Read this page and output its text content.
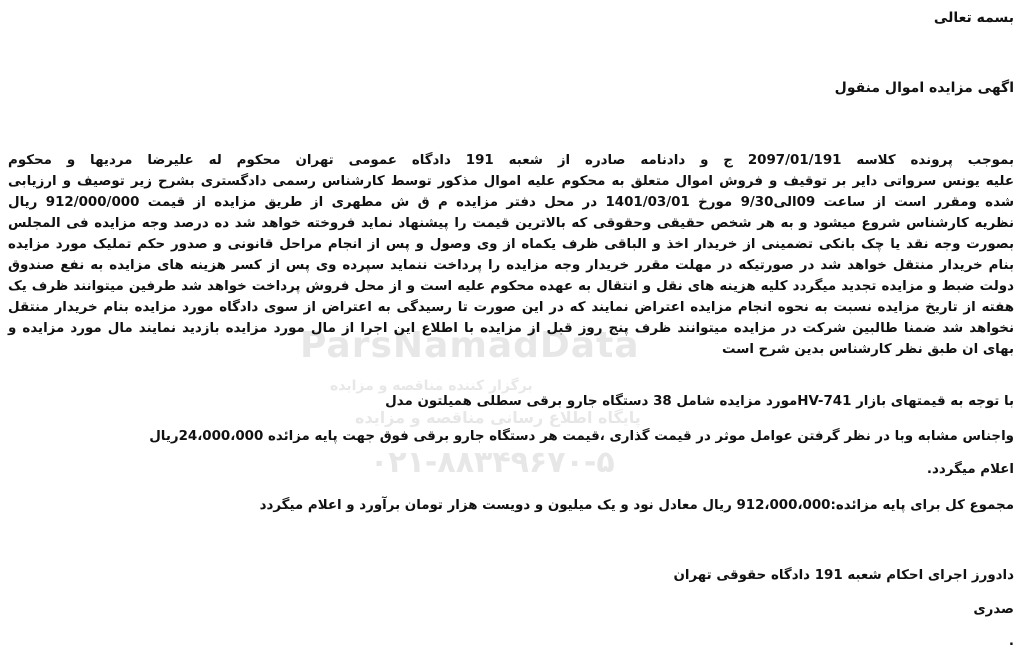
ParsNamadData
برگزار کننده مناقصه و مزایده
پایگاه اطلاع رسانی مناقصه و مزایده
۰۲۱-۸۸۳۴۹۶۷۰-۵
بسمه تعالی
اگهی مزایده اموال منقول
بموجب پرونده کلاسه 2097/01/191 ج و دادنامه صادره از شعبه 191 دادگاه عمومی تهران محکوم له علیرضا مردیها و محکوم
علیه یونس سرواتی دایر بر توقیف و فروش اموال متعلق به محکوم علیه اموال مذکور توسط کارشناس رسمی دادگستری بشرح زیر توصیف و ارزیابی
شده ومقرر است از ساعت 09الی9/30 مورخ 1401/03/01 در محل دفتر مزایده م ق ش مطهری از طریق مزایده از قیمت 912/000/000 ریال
نظریه کارشناس شروع میشود و به هر شخص حقیقی وحقوقی که بالاترین قیمت را پیشنهاد نماید فروخته خواهد شد ده درصد وجه مزایده فی المجلس
بصورت وجه نقد یا چک بانکی تضمینی از خریدار اخذ و الباقی ظرف یکماه از وی وصول و پس از انجام مراحل قانونی و صدور حکم تملیک مورد مزایده
بنام خریدار منتقل خواهد شد در صورتیکه در مهلت مقرر خریدار وجه مزایده را پرداخت ننماید سپرده وی پس از کسر هزینه های مزایده به نفع صندوق
دولت ضبط و مزایده تجدید میگردد کلیه هزینه های نقل و انتقال به عهده محکوم علیه است و از محل فروش پرداخت خواهد شد طرفین میتوانند ظرف یک
هفته از تاریخ مزایده نسبت به نحوه انجام مزایده اعتراض نمایند که در این صورت تا رسیدگی به اعتراض از سوی دادگاه مورد مزایده بنام خریدار منتقل
نخواهد شد ضمنا طالبین شرکت در مزایده میتوانند ظرف پنج روز قبل از مزایده با اطلاع این اجرا از مال مورد مزایده بازدید نمایند مال مورد مزایده و
بهای ان طبق نظر کارشناس بدین شرح است
با توجه به قیمتهای بازار HV-741مورد مزایده شامل 38 دستگاه جارو برقی سطلی همیلتون مدل
واجناس مشابه وبا در نظر گرفتن عوامل موثر در قیمت گذاری ،قیمت هر دستگاه جارو برقی فوق جهت پایه مزائده 24،000،000ریال
اعلام میگردد.
مجموع کل برای پایه مزائده:912،000،000 ریال معادل نود و یک میلیون و دویست هزار تومان برآورد و اعلام میگردد
دادورز اجرای احکام شعبه 191 دادگاه حقوقی تهران
صدری
.
